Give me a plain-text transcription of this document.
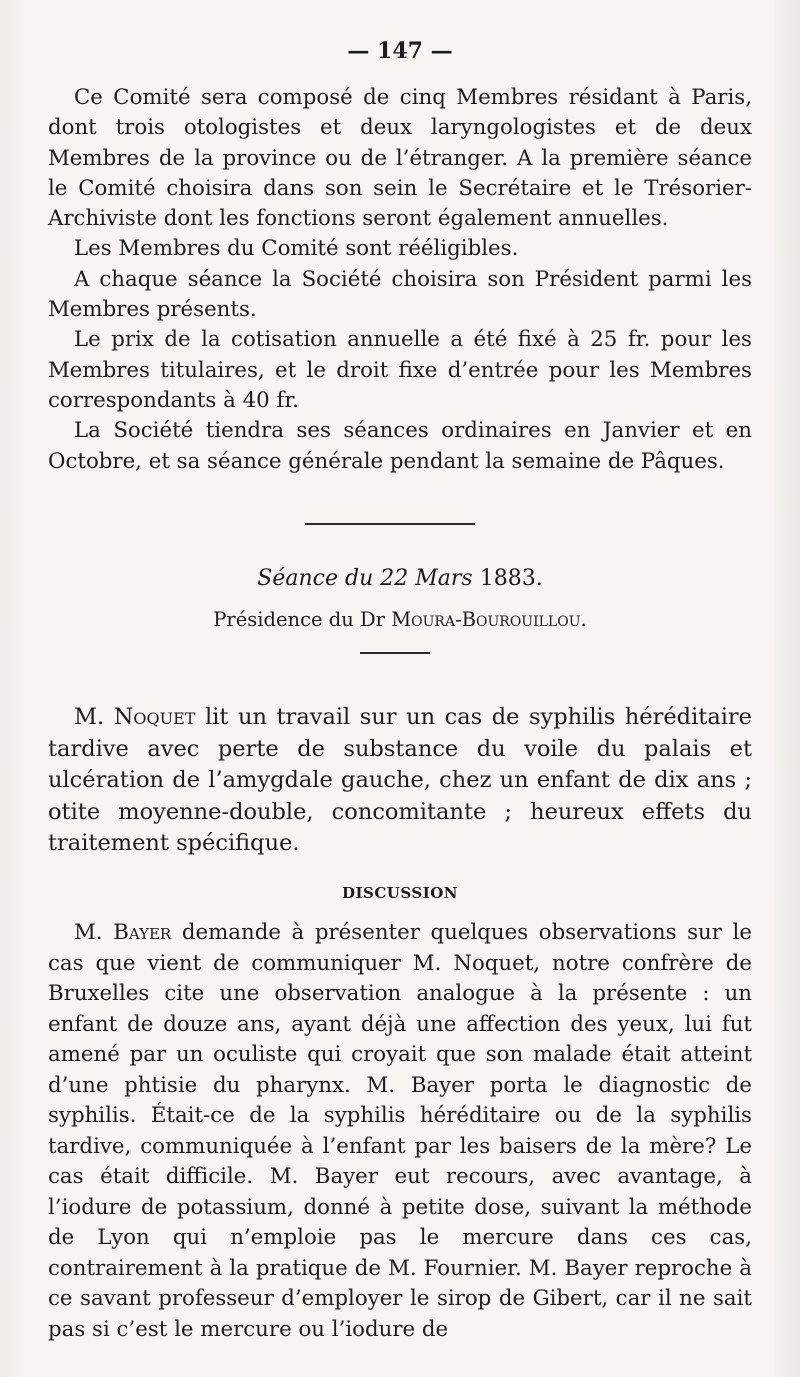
— 147 —

Ce Comité sera composé de cinq Membres résidant à Paris, dont trois otologistes et deux laryngologistes et de deux Membres de la province ou de l’étranger. A la première séance le Comité choisira dans son sein le Secrétaire et le Trésorier-Archiviste dont les fonctions seront également annuelles.

Les Membres du Comité sont rééligibles.

A chaque séance la Société choisira son Président parmi les Membres présents.

Le prix de la cotisation annuelle a été fixé à 25 fr. pour les Membres titulaires, et le droit fixe d’entrée pour les Membres correspondants à 40 fr.

La Société tiendra ses séances ordinaires en Janvier et en Octobre, et sa séance générale pendant la semaine de Pâques.

Séance du 22 Mars 1883.
Présidence du Dr Moura-Bourouillou.

M. Noquet lit un travail sur un cas de syphilis héréditaire tardive avec perte de substance du voile du palais et ulcération de l’amygdale gauche, chez un enfant de dix ans ; otite moyenne-double, concomitante ; heureux effets du traitement spécifique.

DISCUSSION

M. Bayer demande à présenter quelques observations sur le cas que vient de communiquer M. Noquet, notre confrère de Bruxelles cite une observation analogue à la présente : un enfant de douze ans, ayant déjà une affection des yeux, lui fut amené par un oculiste qui croyait que son malade était atteint d’une phtisie du pharynx. M. Bayer porta le diagnostic de syphilis. Était-ce de la syphilis héréditaire ou de la syphilis tardive, communiquée à l’enfant par les baisers de la mère? Le cas était difficile. M. Bayer eut recours, avec avantage, à l’iodure de potassium, donné à petite dose, suivant la méthode de Lyon qui n’emploie pas le mercure dans ces cas, contrairement à la pratique de M. Fournier. M. Bayer reproche à ce savant professeur d’employer le sirop de Gibert, car il ne sait pas si c’est le mercure ou l’iodure de
